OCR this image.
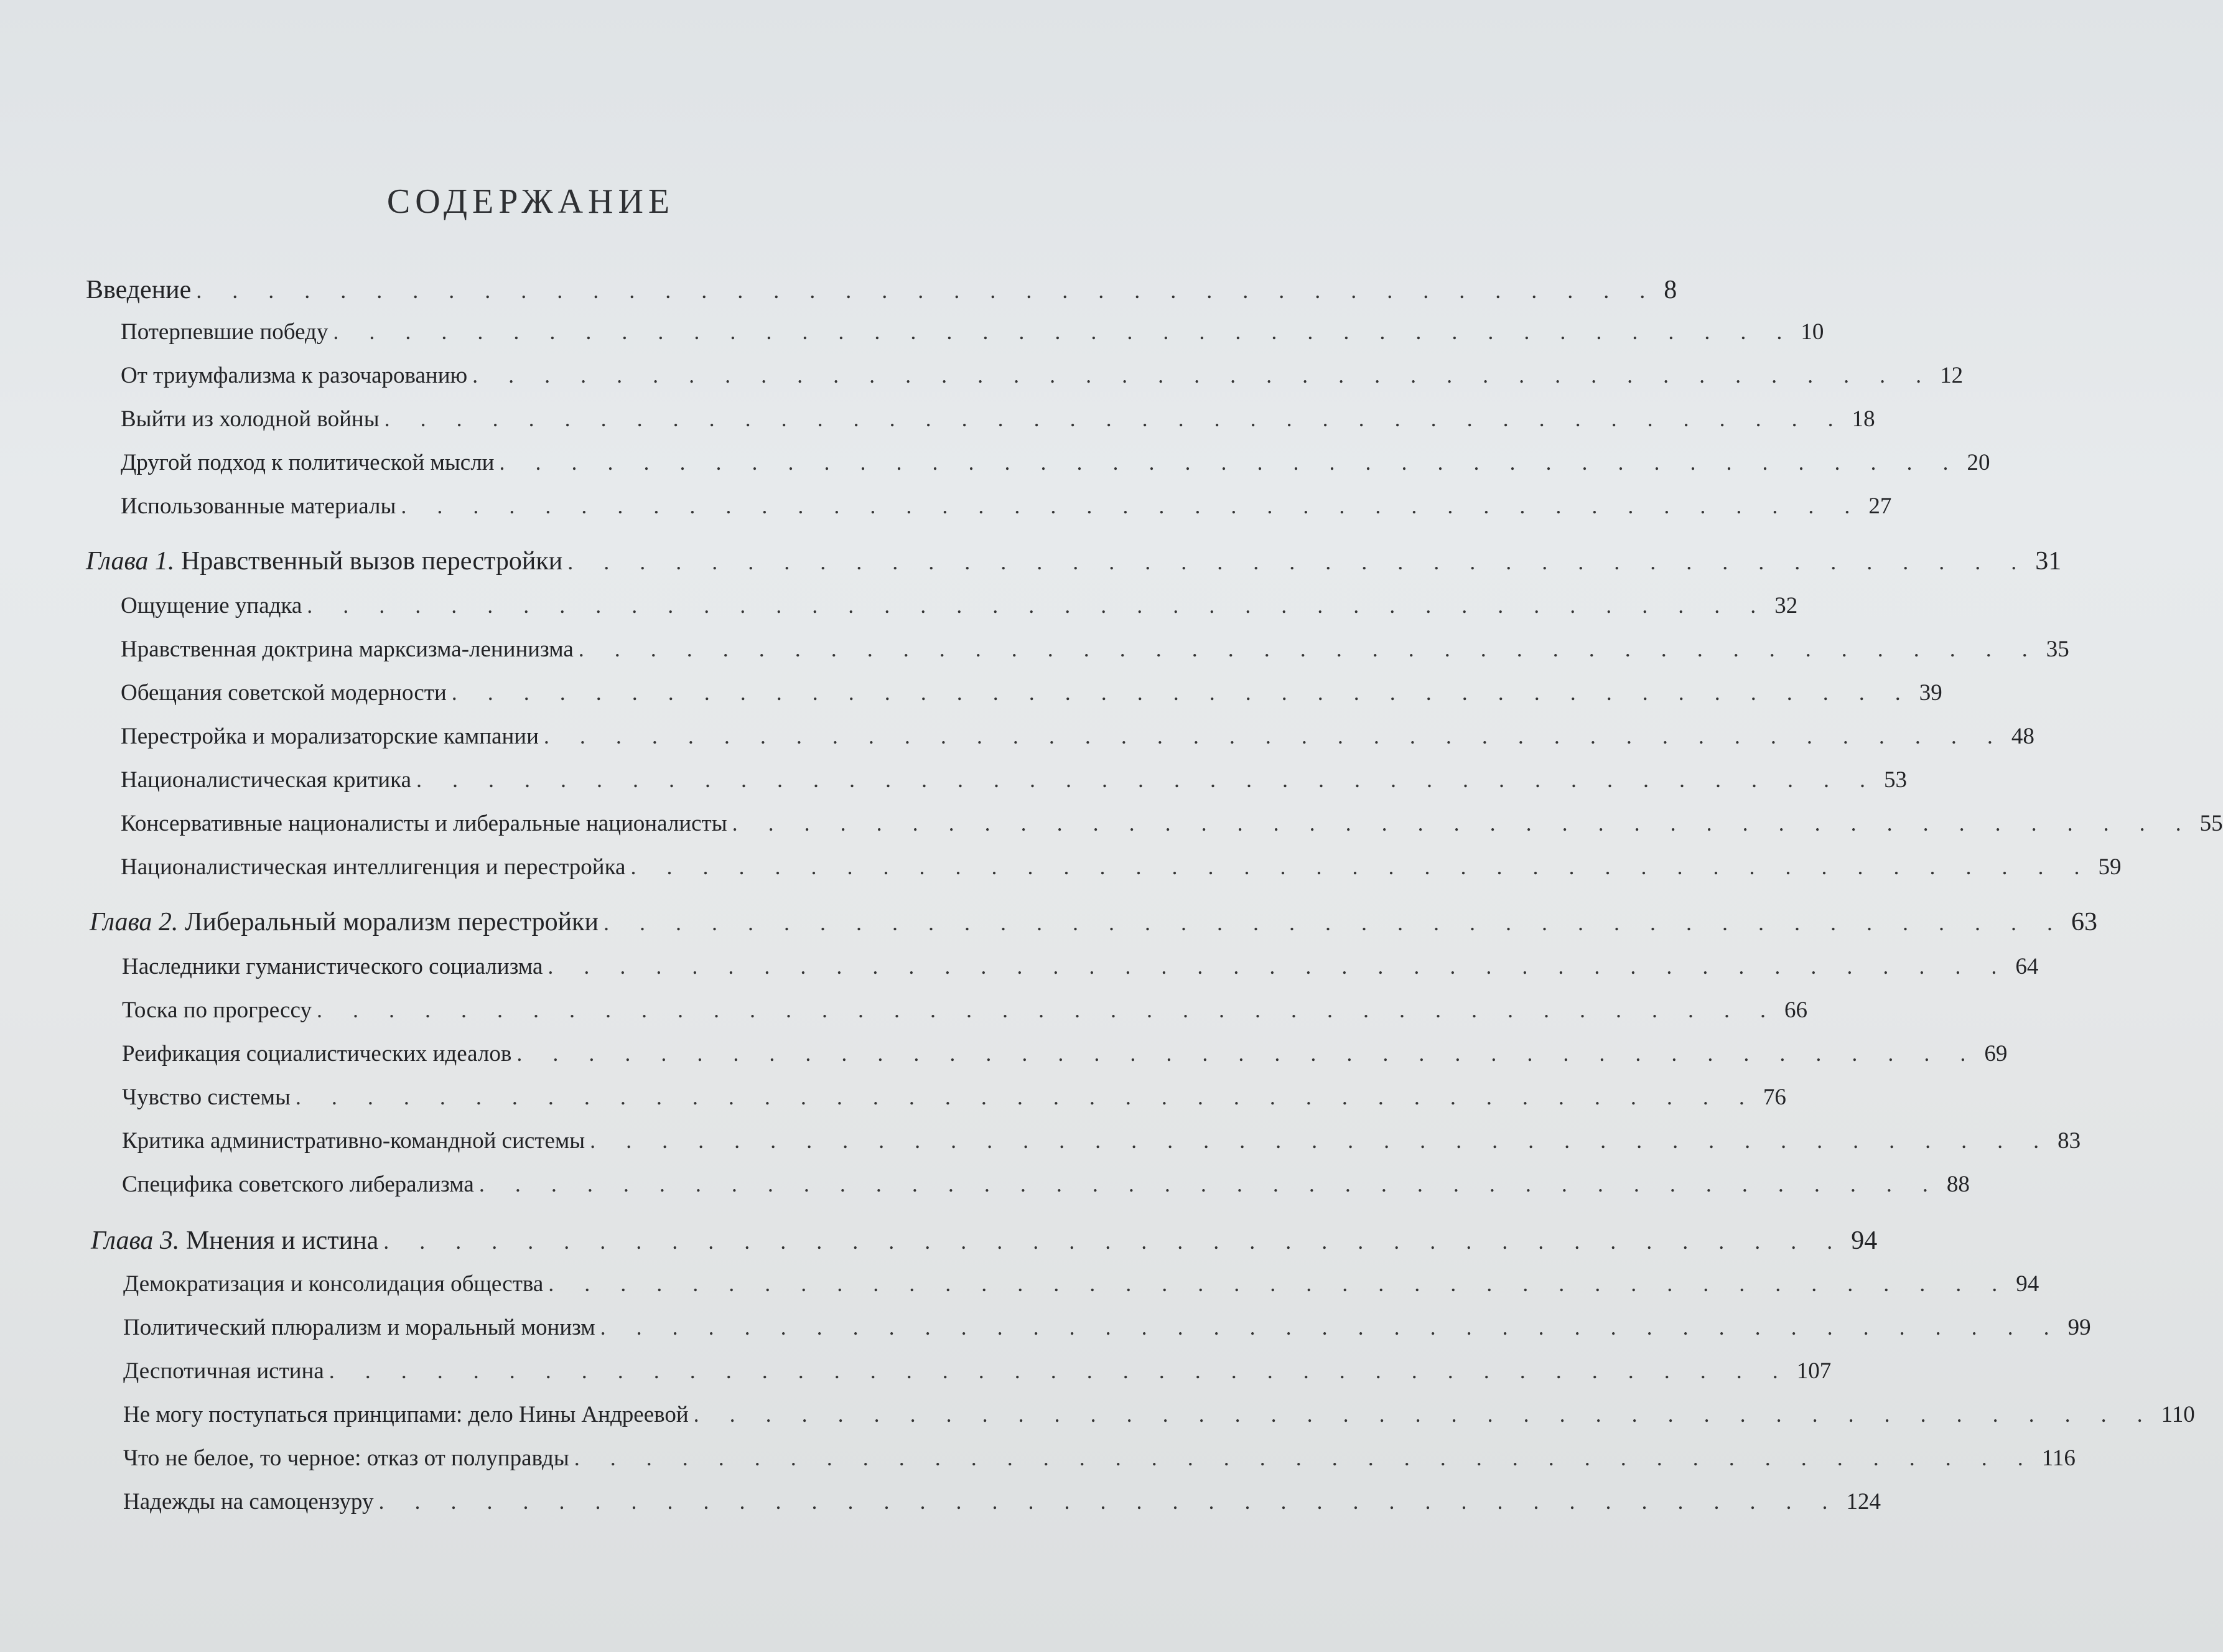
СОДЕРЖАНИЕ
Введение . . . . . . . . . . . . . . . . . . . . . . . . . . . . . . . . . . . . . . . . . 8
Потерпевшие победу . . . . . . . . . . . . . . . . . . . . . . . . . . . . . . . . . . . . . . . . . 10
От триумфализма к разочарованию . . . . . . . . . . . . . . . . . . . . . . . . . . . . . . . . . . . . . . . . . 12
Выйти из холодной войны . . . . . . . . . . . . . . . . . . . . . . . . . . . . . . . . . . . . . . . . . 18
Другой подход к политической мысли . . . . . . . . . . . . . . . . . . . . . . . . . . . . . . . . . . . . . . . . . 20
Использованные материалы . . . . . . . . . . . . . . . . . . . . . . . . . . . . . . . . . . . . . . . . . 27
Глава 1. Нравственный вызов перестройки . . . . . . . . . . . . . . . . . . . . . . . . . . . . . . . . . . . . . . . . . 31
Ощущение упадка . . . . . . . . . . . . . . . . . . . . . . . . . . . . . . . . . . . . . . . . . 32
Нравственная доктрина марксизма-ленинизма . . . . . . . . . . . . . . . . . . . . . . . . . . . . . . . . . . . . . . . . . 35
Обещания советской модерности . . . . . . . . . . . . . . . . . . . . . . . . . . . . . . . . . . . . . . . . . 39
Перестройка и морализаторские кампании . . . . . . . . . . . . . . . . . . . . . . . . . . . . . . . . . . . . . . . . . 48
Националистическая критика . . . . . . . . . . . . . . . . . . . . . . . . . . . . . . . . . . . . . . . . . 53
Консервативные националисты и либеральные националисты . . . . . . . . . . . . . . . . . . . . . . . . . . . . . . . . . . . . . . . . . 55
Националистическая интеллигенция и перестройка . . . . . . . . . . . . . . . . . . . . . . . . . . . . . . . . . . . . . . . . . 59
Глава 2. Либеральный морализм перестройки . . . . . . . . . . . . . . . . . . . . . . . . . . . . . . . . . . . . . . . . . 63
Наследники гуманистического социализма . . . . . . . . . . . . . . . . . . . . . . . . . . . . . . . . . . . . . . . . . 64
Тоска по прогрессу . . . . . . . . . . . . . . . . . . . . . . . . . . . . . . . . . . . . . . . . . 66
Реификация социалистических идеалов . . . . . . . . . . . . . . . . . . . . . . . . . . . . . . . . . . . . . . . . . 69
Чувство системы . . . . . . . . . . . . . . . . . . . . . . . . . . . . . . . . . . . . . . . . . 76
Критика административно-командной системы . . . . . . . . . . . . . . . . . . . . . . . . . . . . . . . . . . . . . . . . . 83
Специфика советского либерализма . . . . . . . . . . . . . . . . . . . . . . . . . . . . . . . . . . . . . . . . . 88
Глава 3. Мнения и истина . . . . . . . . . . . . . . . . . . . . . . . . . . . . . . . . . . . . . . . . . 94
Демократизация и консолидация общества . . . . . . . . . . . . . . . . . . . . . . . . . . . . . . . . . . . . . . . . . 94
Политический плюрализм и моральный монизм . . . . . . . . . . . . . . . . . . . . . . . . . . . . . . . . . . . . . . . . . 99
Деспотичная истина . . . . . . . . . . . . . . . . . . . . . . . . . . . . . . . . . . . . . . . . . 107
Не могу поступаться принципами: дело Нины Андреевой . . . . . . . . . . . . . . . . . . . . . . . . . . . . . . . . . . . . . . . . . 110
Что не белое, то черное: отказ от полуправды . . . . . . . . . . . . . . . . . . . . . . . . . . . . . . . . . . . . . . . . . 116
Надежды на самоцензуру . . . . . . . . . . . . . . . . . . . . . . . . . . . . . . . . . . . . . . . . . 124
